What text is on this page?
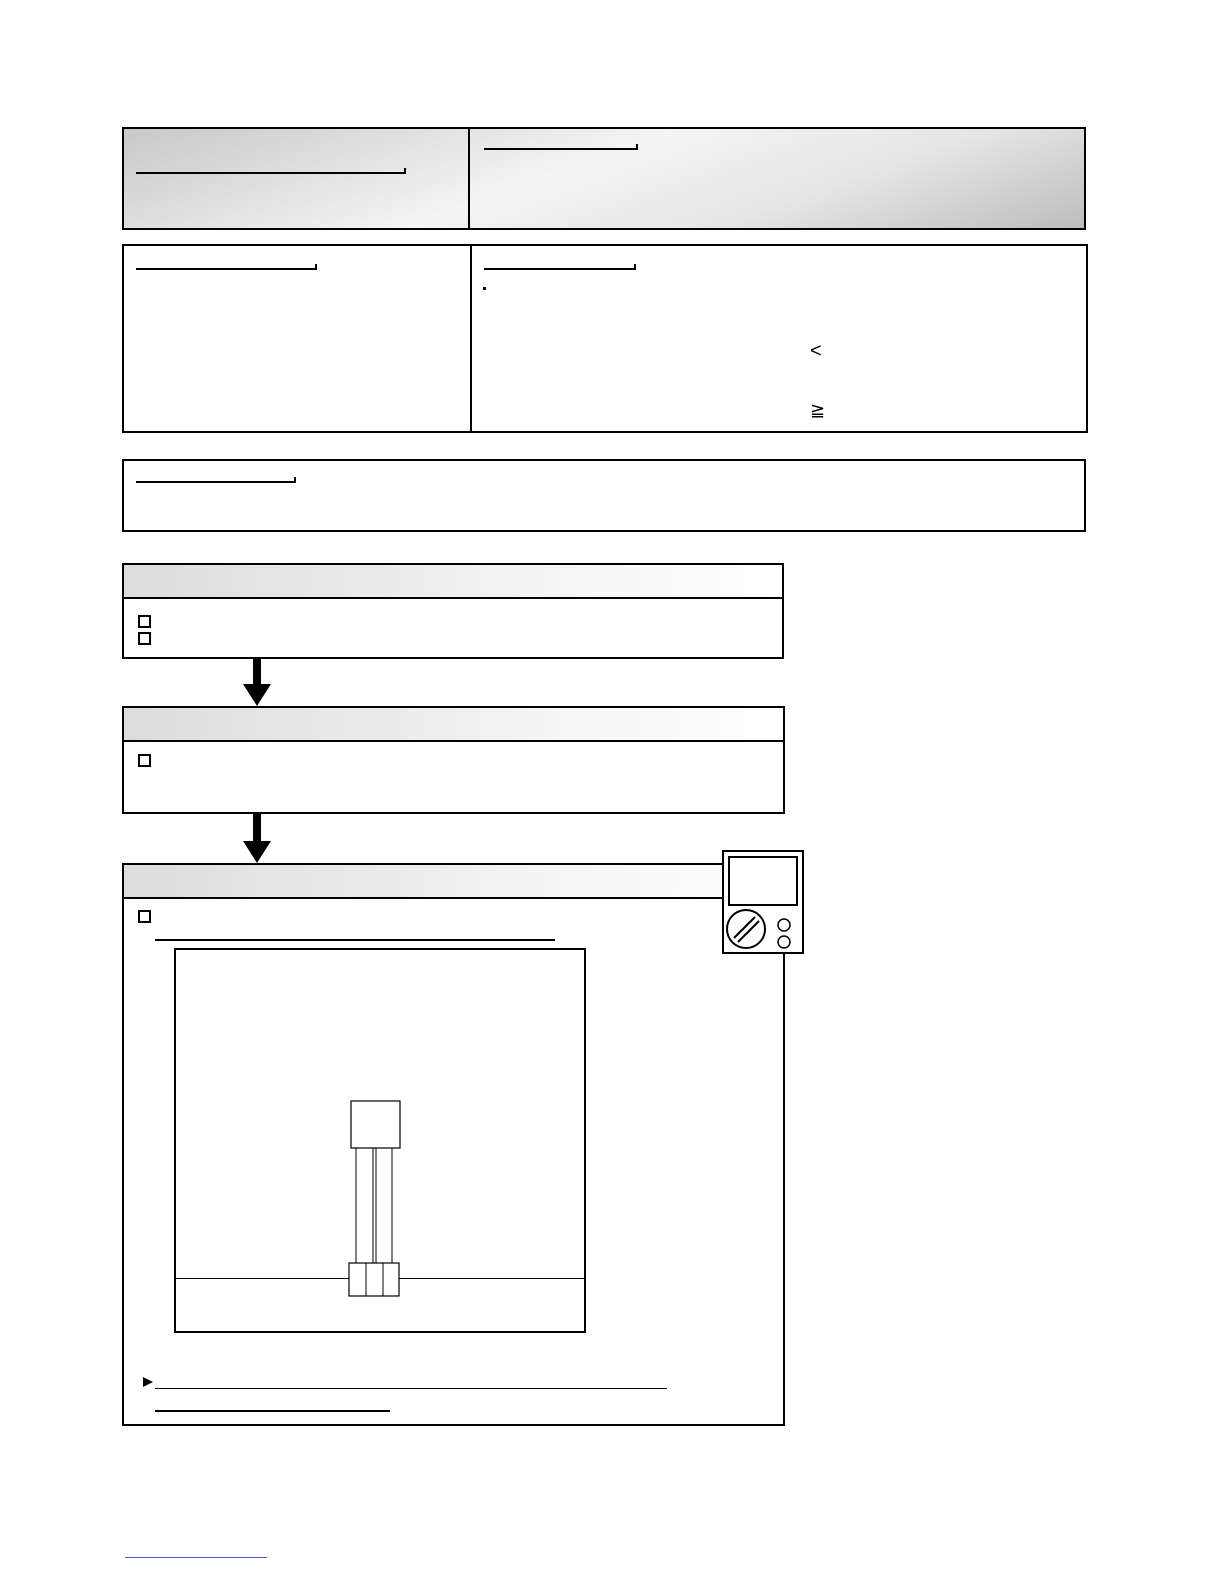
<
≧
